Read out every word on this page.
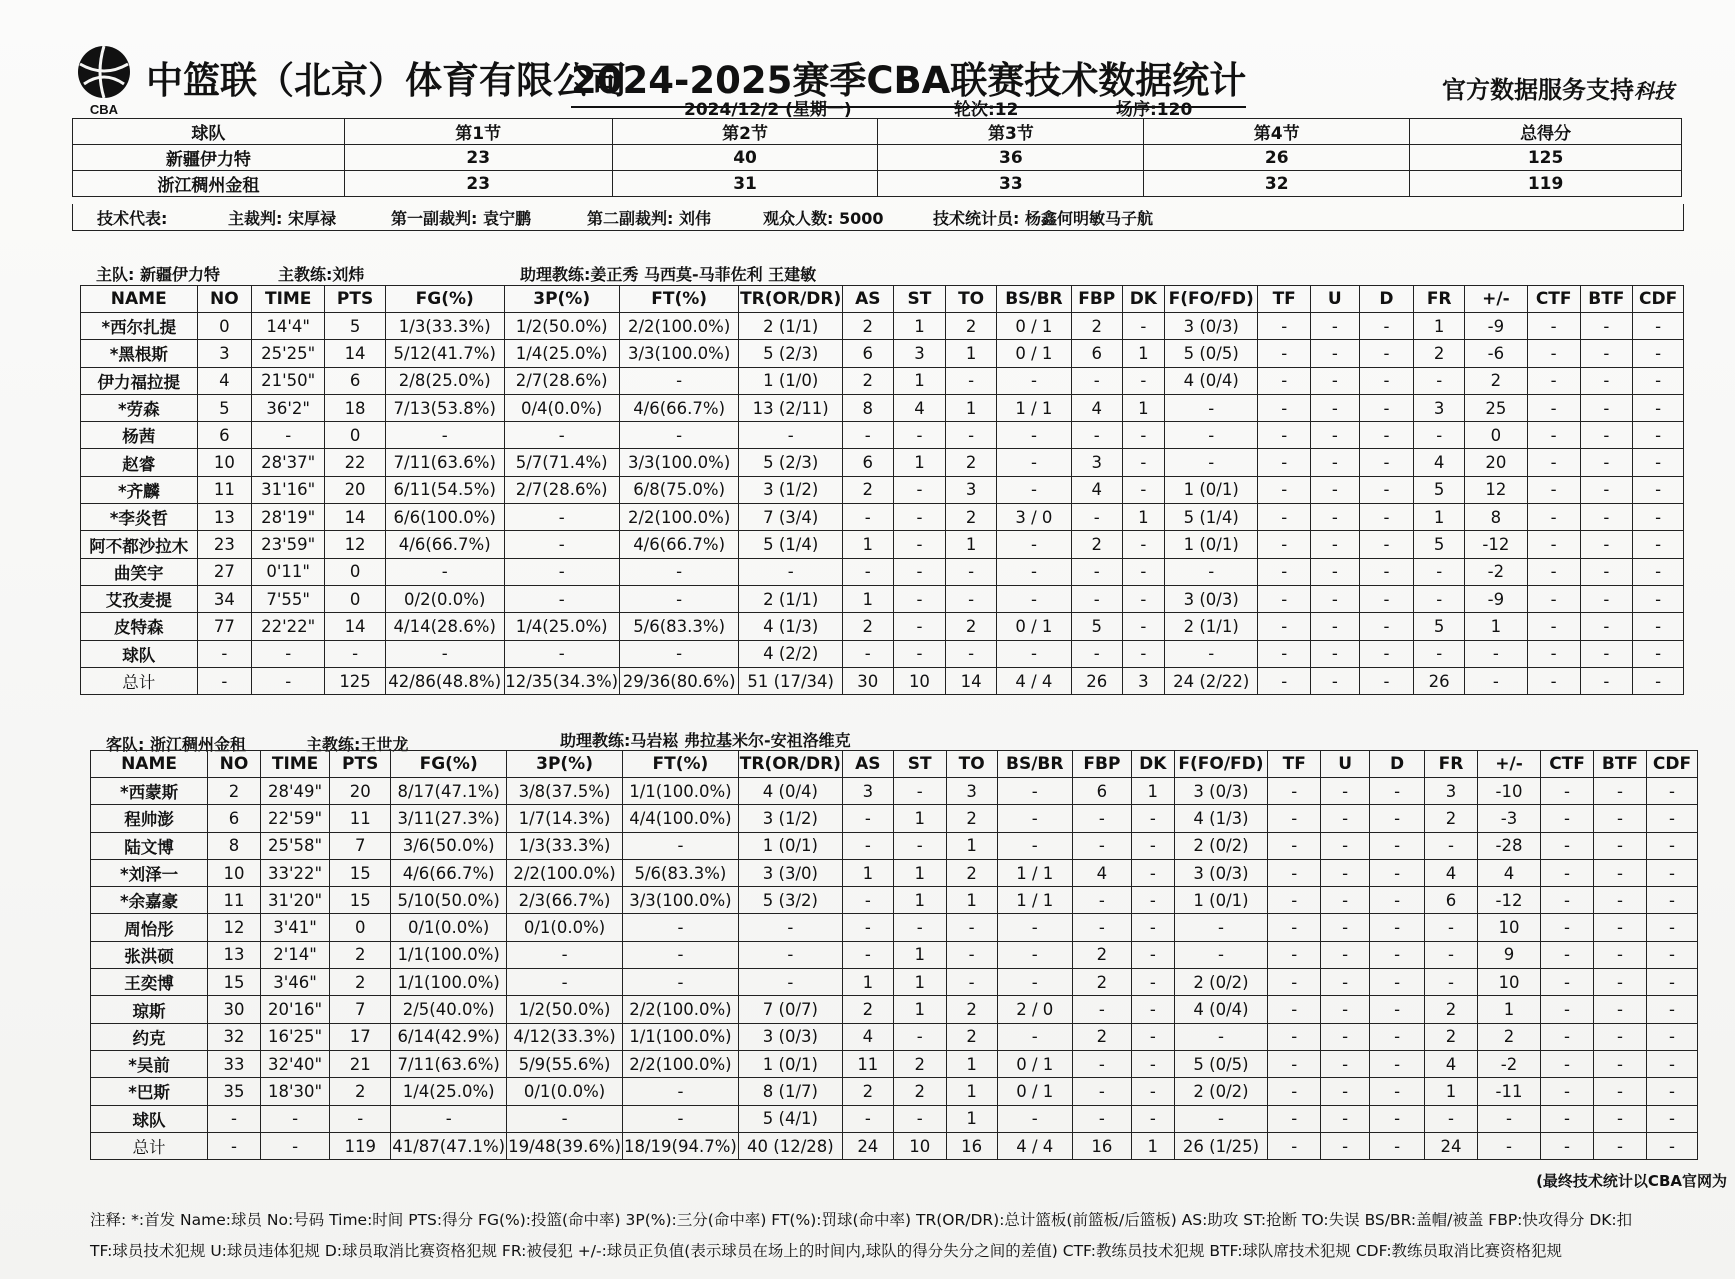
CBA
中篮联（北京）体育有限公司
2024-2025赛季CBA联赛技术数据统计
2024/12/2 (星期一)	轮次:12	场序:120
官方数据服务支持科技
球队	第1节	第2节	第3节	第4节	总得分
新疆伊力特	23	40	36	26	125
浙江稠州金租	23	31	33	32	119
技术代表:	主裁判: 宋厚禄	第一副裁判: 袁宁鹏	第二副裁判: 刘伟	观众人数: 5000	技术统计员: 杨鑫何明敏马子航
主队: 新疆伊力特	主教练:刘炜	助理教练:姜正秀 马西莫-马菲佐利 王建敏
NAME	NO	TIME	PTS	FG(%)	3P(%)	FT(%)	TR(OR/DR)	AS	ST	TO	BS/BR	FBP	DK	F(FO/FD)	TF	U	D	FR	+/-	CTF	BTF	CDF
*西尔扎提	0	14'4"	5	1/3(33.3%)	1/2(50.0%)	2/2(100.0%)	2 (1/1)	2	1	2	0 / 1	2	-	3 (0/3)	-	-	-	1	-9	-	-	-
*黑根斯	3	25'25"	14	5/12(41.7%)	1/4(25.0%)	3/3(100.0%)	5 (2/3)	6	3	1	0 / 1	6	1	5 (0/5)	-	-	-	2	-6	-	-	-
伊力福拉提	4	21'50"	6	2/8(25.0%)	2/7(28.6%)	-	1 (1/0)	2	1	-	-	-	-	4 (0/4)	-	-	-	-	2	-	-	-
*劳森	5	36'2"	18	7/13(53.8%)	0/4(0.0%)	4/6(66.7%)	13 (2/11)	8	4	1	1 / 1	4	1	-	-	-	-	3	25	-	-	-
杨茜	6	-	0	-	-	-	-	-	-	-	-	-	-	-	-	-	-	-	0	-	-	-
赵睿	10	28'37"	22	7/11(63.6%)	5/7(71.4%)	3/3(100.0%)	5 (2/3)	6	1	2	-	3	-	-	-	-	-	4	20	-	-	-
*齐麟	11	31'16"	20	6/11(54.5%)	2/7(28.6%)	6/8(75.0%)	3 (1/2)	2	-	3	-	4	-	1 (0/1)	-	-	-	5	12	-	-	-
*李炎哲	13	28'19"	14	6/6(100.0%)	-	2/2(100.0%)	7 (3/4)	-	-	2	3 / 0	-	1	5 (1/4)	-	-	-	1	8	-	-	-
阿不都沙拉木	23	23'59"	12	4/6(66.7%)	-	4/6(66.7%)	5 (1/4)	1	-	1	-	2	-	1 (0/1)	-	-	-	5	-12	-	-	-
曲笑宇	27	0'11"	0	-	-	-	-	-	-	-	-	-	-	-	-	-	-	-	-2	-	-	-
艾孜麦提	34	7'55"	0	0/2(0.0%)	-	-	2 (1/1)	1	-	-	-	-	-	3 (0/3)	-	-	-	-	-9	-	-	-
皮特森	77	22'22"	14	4/14(28.6%)	1/4(25.0%)	5/6(83.3%)	4 (1/3)	2	-	2	0 / 1	5	-	2 (1/1)	-	-	-	5	1	-	-	-
球队	-	-	-	-	-	-	4 (2/2)	-	-	-	-	-	-	-	-	-	-	-	-	-	-	-
总计	-	-	125	42/86(48.8%)	12/35(34.3%)	29/36(80.6%)	51 (17/34)	30	10	14	4 / 4	26	3	24 (2/22)	-	-	-	26	-	-	-	-
客队: 浙江稠州金租	主教练:王世龙	助理教练:马岩崧 弗拉基米尔-安祖洛维克
NAME	NO	TIME	PTS	FG(%)	3P(%)	FT(%)	TR(OR/DR)	AS	ST	TO	BS/BR	FBP	DK	F(FO/FD)	TF	U	D	FR	+/-	CTF	BTF	CDF
*西蒙斯	2	28'49"	20	8/17(47.1%)	3/8(37.5%)	1/1(100.0%)	4 (0/4)	3	-	3	-	6	1	3 (0/3)	-	-	-	3	-10	-	-	-
程帅澎	6	22'59"	11	3/11(27.3%)	1/7(14.3%)	4/4(100.0%)	3 (1/2)	-	1	2	-	-	-	4 (1/3)	-	-	-	2	-3	-	-	-
陆文博	8	25'58"	7	3/6(50.0%)	1/3(33.3%)	-	1 (0/1)	-	-	1	-	-	-	2 (0/2)	-	-	-	-	-28	-	-	-
*刘泽一	10	33'22"	15	4/6(66.7%)	2/2(100.0%)	5/6(83.3%)	3 (3/0)	1	1	2	1 / 1	4	-	3 (0/3)	-	-	-	4	4	-	-	-
*余嘉豪	11	31'20"	15	5/10(50.0%)	2/3(66.7%)	3/3(100.0%)	5 (3/2)	-	1	1	1 / 1	-	-	1 (0/1)	-	-	-	6	-12	-	-	-
周怡彤	12	3'41"	0	0/1(0.0%)	0/1(0.0%)	-	-	-	-	-	-	-	-	-	-	-	-	-	10	-	-	-
张洪硕	13	2'14"	2	1/1(100.0%)	-	-	-	-	1	-	-	2	-	-	-	-	-	-	9	-	-	-
王奕博	15	3'46"	2	1/1(100.0%)	-	-	-	1	1	-	-	2	-	2 (0/2)	-	-	-	-	10	-	-	-
琼斯	30	20'16"	7	2/5(40.0%)	1/2(50.0%)	2/2(100.0%)	7 (0/7)	2	1	2	2 / 0	-	-	4 (0/4)	-	-	-	2	1	-	-	-
约克	32	16'25"	17	6/14(42.9%)	4/12(33.3%)	1/1(100.0%)	3 (0/3)	4	-	2	-	2	-	-	-	-	-	2	2	-	-	-
*吴前	33	32'40"	21	7/11(63.6%)	5/9(55.6%)	2/2(100.0%)	1 (0/1)	11	2	1	0 / 1	-	-	5 (0/5)	-	-	-	4	-2	-	-	-
*巴斯	35	18'30"	2	1/4(25.0%)	0/1(0.0%)	-	8 (1/7)	2	2	1	0 / 1	-	-	2 (0/2)	-	-	-	1	-11	-	-	-
球队	-	-	-	-	-	-	5 (4/1)	-	-	1	-	-	-	-	-	-	-	-	-	-	-	-
总计	-	-	119	41/87(47.1%)	19/48(39.6%)	18/19(94.7%)	40 (12/28)	24	10	16	4 / 4	16	1	26 (1/25)	-	-	-	24	-	-	-	-
(最终技术统计以CBA官网为
注释: *:首发 Name:球员 No:号码 Time:时间 PTS:得分 FG(%):投篮(命中率) 3P(%):三分(命中率) FT(%):罚球(命中率) TR(OR/DR):总计篮板(前篮板/后篮板) AS:助攻 ST:抢断 TO:失误 BS/BR:盖帽/被盖 FBP:快攻得分 DK:扣
TF:球员技术犯规 U:球员违体犯规 D:球员取消比赛资格犯规 FR:被侵犯 +/-:球员正负值(表示球员在场上的时间内,球队的得分失分之间的差值) CTF:教练员技术犯规 BTF:球队席技术犯规 CDF:教练员取消比赛资格犯规
